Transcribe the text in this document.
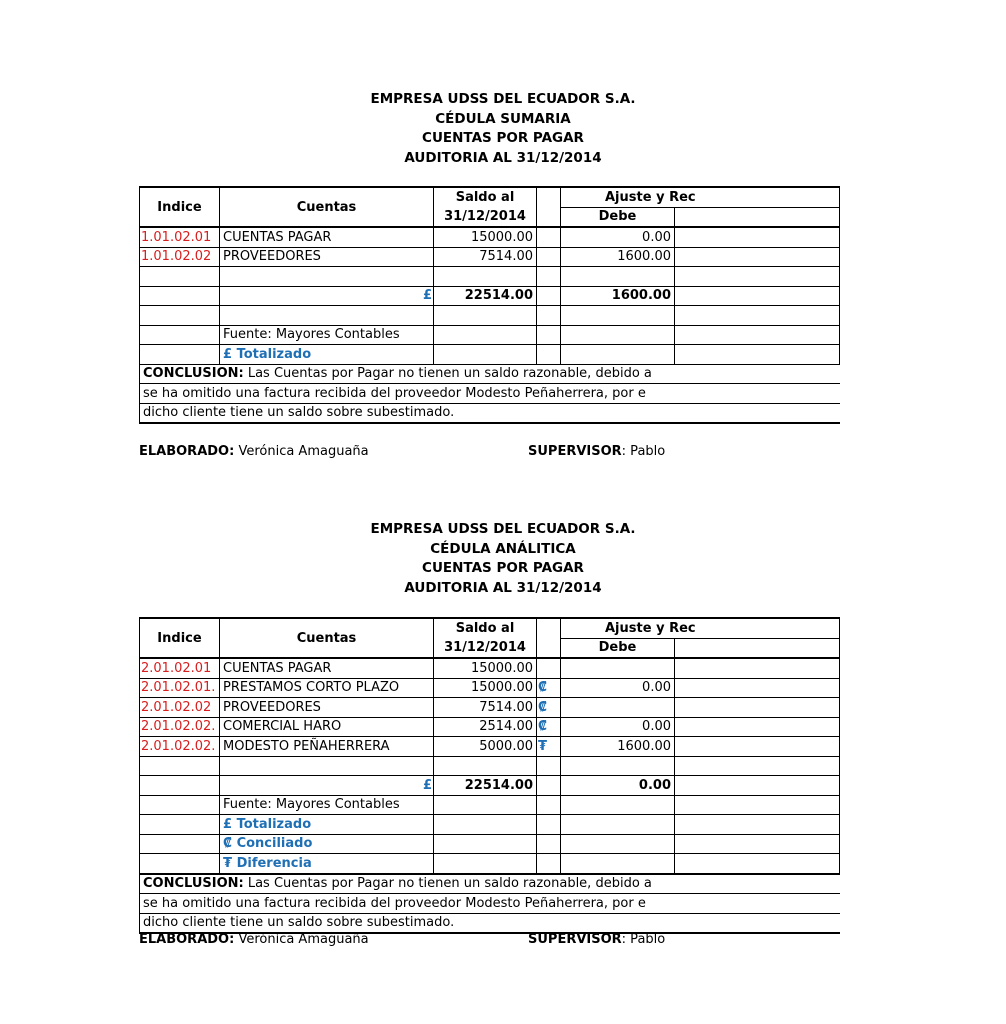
EMPRESA UDSS DEL ECUADOR S.A.
CÉDULA SUMARIA
CUENTAS POR PAGAR
AUDITORIA AL 31/12/2014
Indice	Cuentas	Saldo al
31/12/2014		Ajuste y Rec	
				Debe	
1.01.02.01	CUENTAS PAGAR	15000.00		0.00	
1.01.02.02	PROVEEDORES	7514.00		1600.00	

	£	22514.00		1600.00	

	Fuente: Mayores Contables				
	£ Totalizado				
CONCLUSION: Las Cuentas por Pagar no tienen un saldo razonable, debido a					
se ha omitido una factura recibida del proveedor Modesto Peñaherrera, por e					
dicho cliente tiene un saldo sobre subestimado.					
ELABORADO: Verónica Amaguaña	SUPERVISOR: Pablo
EMPRESA UDSS DEL ECUADOR S.A.
CÉDULA ANÁLITICA
CUENTAS POR PAGAR
AUDITORIA AL 31/12/2014
Indice	Cuentas	Saldo al
31/12/2014		Ajuste y Rec	
				Debe	
2.01.02.01	CUENTAS PAGAR	15000.00			
2.01.02.01.	PRESTAMOS CORTO PLAZO	15000.00	₡	0.00	
2.01.02.02	PROVEEDORES	7514.00	₡		
2.01.02.02.	COMERCIAL HARO	2514.00	₡	0.00	
2.01.02.02.	MODESTO PEÑAHERRERA	5000.00	₮	1600.00	

	£	22514.00		0.00	
	Fuente: Mayores Contables				
	£ Totalizado				
	₡ Conciliado				
	₮ Diferencia				
CONCLUSION: Las Cuentas por Pagar no tienen un saldo razonable, debido a					
se ha omitido una factura recibida del proveedor Modesto Peñaherrera, por e					
dicho cliente tiene un saldo sobre subestimado.					
ELABORADO: Verónica Amaguaña	SUPERVISOR: Pablo
